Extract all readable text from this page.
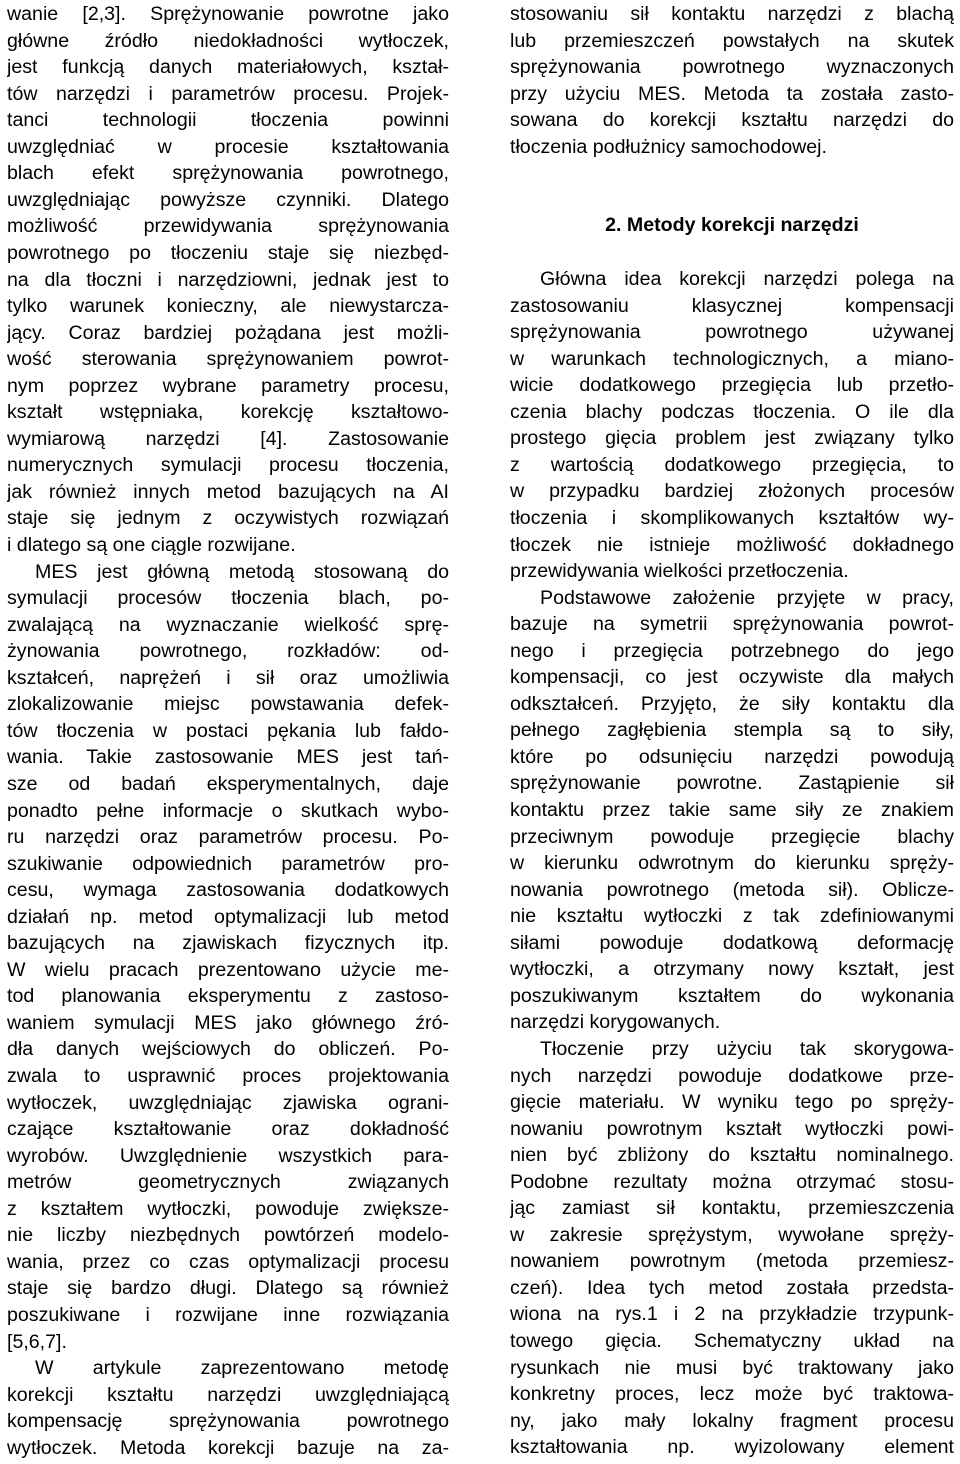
wanie [2,3]. Sprężynowanie powrotne jako
główne źródło niedokładności wytłoczek,
jest funkcją danych materiałowych, kształ-
tów narzędzi i parametrów procesu. Projek-
tanci technologii tłoczenia powinni
uwzględniać w procesie kształtowania
blach efekt sprężynowania powrotnego,
uwzględniając powyższe czynniki. Dlatego
możliwość przewidywania sprężynowania
powrotnego po tłoczeniu staje się niezbęd-
na dla tłoczni i narzędziowni, jednak jest to
tylko warunek konieczny, ale niewystarcza-
jący. Coraz bardziej pożądana jest możli-
wość sterowania sprężynowaniem powrot-
nym poprzez wybrane parametry procesu,
kształt wstępniaka, korekcję kształtowo-
wymiarową narzędzi [4]. Zastosowanie
numerycznych symulacji procesu tłoczenia,
jak również innych metod bazujących na AI
staje się jednym z oczywistych rozwiązań
i dlatego są one ciągle rozwijane.
MES jest główną metodą stosowaną do
symulacji procesów tłoczenia blach, po-
zwalającą na wyznaczanie wielkość sprę-
żynowania powrotnego, rozkładów: od-
kształceń, naprężeń i sił oraz umożliwia
zlokalizowanie miejsc powstawania defek-
tów tłoczenia w postaci pękania lub fałdo-
wania. Takie zastosowanie MES jest tań-
sze od badań eksperymentalnych, daje
ponadto pełne informacje o skutkach wybo-
ru narzędzi oraz parametrów procesu. Po-
szukiwanie odpowiednich parametrów pro-
cesu, wymaga zastosowania dodatkowych
działań np. metod optymalizacji lub metod
bazujących na zjawiskach fizycznych itp.
W wielu pracach prezentowano użycie me-
tod planowania eksperymentu z zastoso-
waniem symulacji MES jako głównego źró-
dła danych wejściowych do obliczeń. Po-
zwala to usprawnić proces projektowania
wytłoczek, uwzględniając zjawiska ograni-
czające kształtowanie oraz dokładność
wyrobów. Uwzględnienie wszystkich para-
metrów geometrycznych związanych
z kształtem wytłoczki, powoduje zwiększe-
nie liczby niezbędnych powtórzeń modelo-
wania, przez co czas optymalizacji procesu
staje się bardzo długi. Dlatego są również
poszukiwane i rozwijane inne rozwiązania
[5,6,7].
W artykule zaprezentowano metodę
korekcji kształtu narzędzi uwzględniającą
kompensację sprężynowania powrotnego
wytłoczek. Metoda korekcji bazuje na za-
stosowaniu sił kontaktu narzędzi z blachą
lub przemieszczeń powstałych na skutek
sprężynowania powrotnego wyznaczonych
przy użyciu MES. Metoda ta została zasto-
sowana do korekcji kształtu narzędzi do
tłoczenia podłużnicy samochodowej.
2. Metody korekcji narzędzi
Główna idea korekcji narzędzi polega na
zastosowaniu klasycznej kompensacji
sprężynowania powrotnego używanej
w warunkach technologicznych, a miano-
wicie dodatkowego przegięcia lub przetło-
czenia blachy podczas tłoczenia. O ile dla
prostego gięcia problem jest związany tylko
z wartością dodatkowego przegięcia, to
w przypadku bardziej złożonych procesów
tłoczenia i skomplikowanych kształtów wy-
tłoczek nie istnieje możliwość dokładnego
przewidywania wielkości przetłoczenia.
Podstawowe założenie przyjęte w pracy,
bazuje na symetrii sprężynowania powrot-
nego i przegięcia potrzebnego do jego
kompensacji, co jest oczywiste dla małych
odkształceń. Przyjęto, że siły kontaktu dla
pełnego zagłębienia stempla są to siły,
które po odsunięciu narzędzi powodują
sprężynowanie powrotne. Zastąpienie sił
kontaktu przez takie same siły ze znakiem
przeciwnym powoduje przegięcie blachy
w kierunku odwrotnym do kierunku spręży-
nowania powrotnego (metoda sił). Oblicze-
nie kształtu wytłoczki z tak zdefiniowanymi
siłami powoduje dodatkową deformację
wytłoczki, a otrzymany nowy kształt, jest
poszukiwanym kształtem do wykonania
narzędzi korygowanych.
Tłoczenie przy użyciu tak skorygowa-
nych narzędzi powoduje dodatkowe prze-
gięcie materiału. W wyniku tego po spręży-
nowaniu powrotnym kształt wytłoczki powi-
nien być zbliżony do kształtu nominalnego.
Podobne rezultaty można otrzymać stosu-
jąc zamiast sił kontaktu, przemieszczenia
w zakresie sprężystym, wywołane spręży-
nowaniem powrotnym (metoda przemiesz-
czeń). Idea tych metod została przedsta-
wiona na rys.1 i 2 na przykładzie trzypunk-
towego gięcia. Schematyczny układ na
rysunkach nie musi być traktowany jako
konkretny proces, lecz może być traktowa-
ny, jako mały lokalny fragment procesu
kształtowania np. wyizolowany element
